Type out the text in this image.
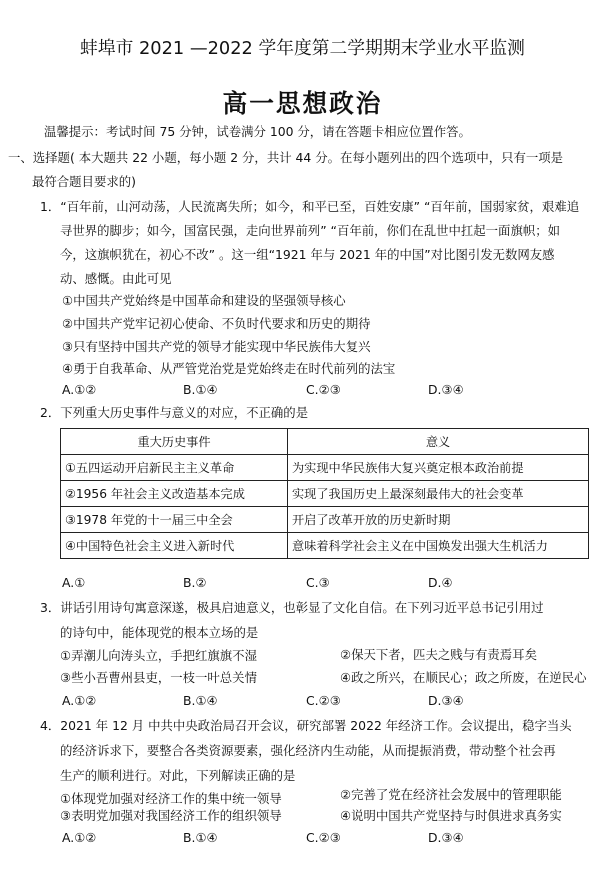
蚌埠市 2021 —2022 学年度第二学期期末学业水平监测
高一思想政治
温馨提示：考试时间 75 分钟，试卷满分 100 分，请在答题卡相应位置作答。
一、选择题( 本大题共 22 小题，每小题 2 分，共计 44 分。在每小题列出的四个选项中，只有一项是
最符合题目要求的)
1．“百年前，山河动荡，人民流离失所；如今，和平已至，百姓安康” “百年前，国弱家贫，艰难追
寻世界的脚步；如今，国富民强，走向世界前列” “百年前，你们在乱世中扛起一面旗帜；如
今，这旗帜犹在，初心不改” 。这一组“1921 年与 2021 年的中国”对比图引发无数网友感
动、感慨。由此可见
①中国共产党始终是中国革命和建设的坚强领导核心
②中国共产党牢记初心使命、不负时代要求和历史的期待
③只有坚持中国共产党的领导才能实现中华民族伟大复兴
④勇于自我革命、从严管党治党是党始终走在时代前列的法宝
A.①②	B.①④	C.②③	D.③④
2．下列重大历史事件与意义的对应，不正确的是
重大历史事件	意义
①五四运动开启新民主主义革命	为实现中华民族伟大复兴奠定根本政治前提
②1956 年社会主义改造基本完成	实现了我国历史上最深刻最伟大的社会变革
③1978 年党的十一届三中全会	开启了改革开放的历史新时期
④中国特色社会主义进入新时代	意味着科学社会主义在中国焕发出强大生机活力
A.①	B.②	C.③	D.④
3．讲话引用诗句寓意深遂，极具启迪意义，也彰显了文化自信。在下列习近平总书记引用过
的诗句中，能体现党的根本立场的是
①弄潮儿向涛头立，手把红旗旗不湿	②保天下者，匹夫之贱与有责焉耳矣
③些小吾曹州县吏，一枝一叶总关情	④政之所兴，在顺民心；政之所废，在逆民心
A.①②	B.①④	C.②③	D.③④
4．2021 年 12 月 中共中央政治局召开会议，研究部署 2022 年经济工作。会议提出，稳字当头
的经济诉求下，要整合各类资源要素，强化经济内生动能，从而提振消费，带动整个社会再
生产的顺利进行。对此，下列解读正确的是
①体现党加强对经济工作的集中统一领导	②完善了党在经济社会发展中的管理职能
③表明党加强对我国经济工作的组织领导	④说明中国共产党坚持与时俱进求真务实
A.①②	B.①④	C.②③	D.③④
